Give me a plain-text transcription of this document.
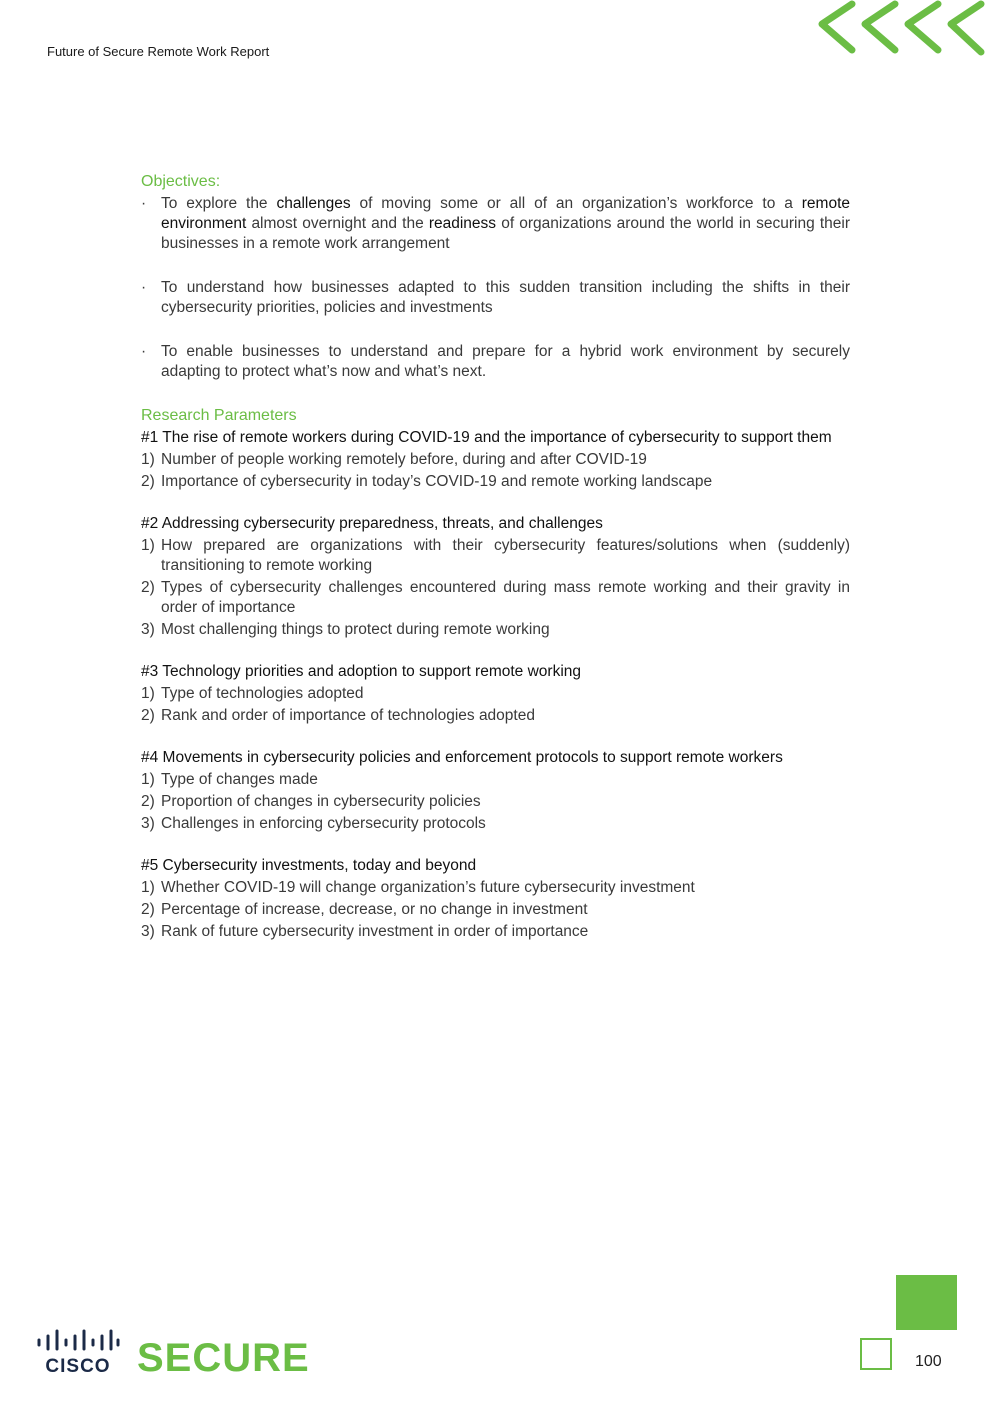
Future of Secure Remote Work Report
Objectives:
· To explore the challenges of moving some or all of an organization’s workforce to a remote environment almost overnight and the readiness of organizations around the world in securing their businesses in a remote work arrangement
· To understand how businesses adapted to this sudden transition including the shifts in their cybersecurity priorities, policies and investments
· To enable businesses to understand and prepare for a hybrid work environment by securely adapting to protect what’s now and what’s next.
Research Parameters
#1 The rise of remote workers during COVID-19 and the importance of cybersecurity to support them
1) Number of people working remotely before, during and after COVID-19
2) Importance of cybersecurity in today’s COVID-19 and remote working landscape
#2 Addressing cybersecurity preparedness, threats, and challenges
1) How prepared are organizations with their cybersecurity features/solutions when (suddenly) transitioning to remote working
2) Types of cybersecurity challenges encountered during mass remote working and their gravity in order of importance
3) Most challenging things to protect during remote working
#3 Technology priorities and adoption to support remote working
1) Type of technologies adopted
2) Rank and order of importance of technologies adopted
#4 Movements in cybersecurity policies and enforcement protocols to support remote workers
1) Type of changes made
2) Proportion of changes in cybersecurity policies
3) Challenges in enforcing cybersecurity protocols
#5 Cybersecurity investments, today and beyond
1) Whether COVID-19 will change organization’s future cybersecurity investment
2) Percentage of increase, decrease, or no change in investment
3) Rank of future cybersecurity investment in order of importance
100
CISCO SECURE
